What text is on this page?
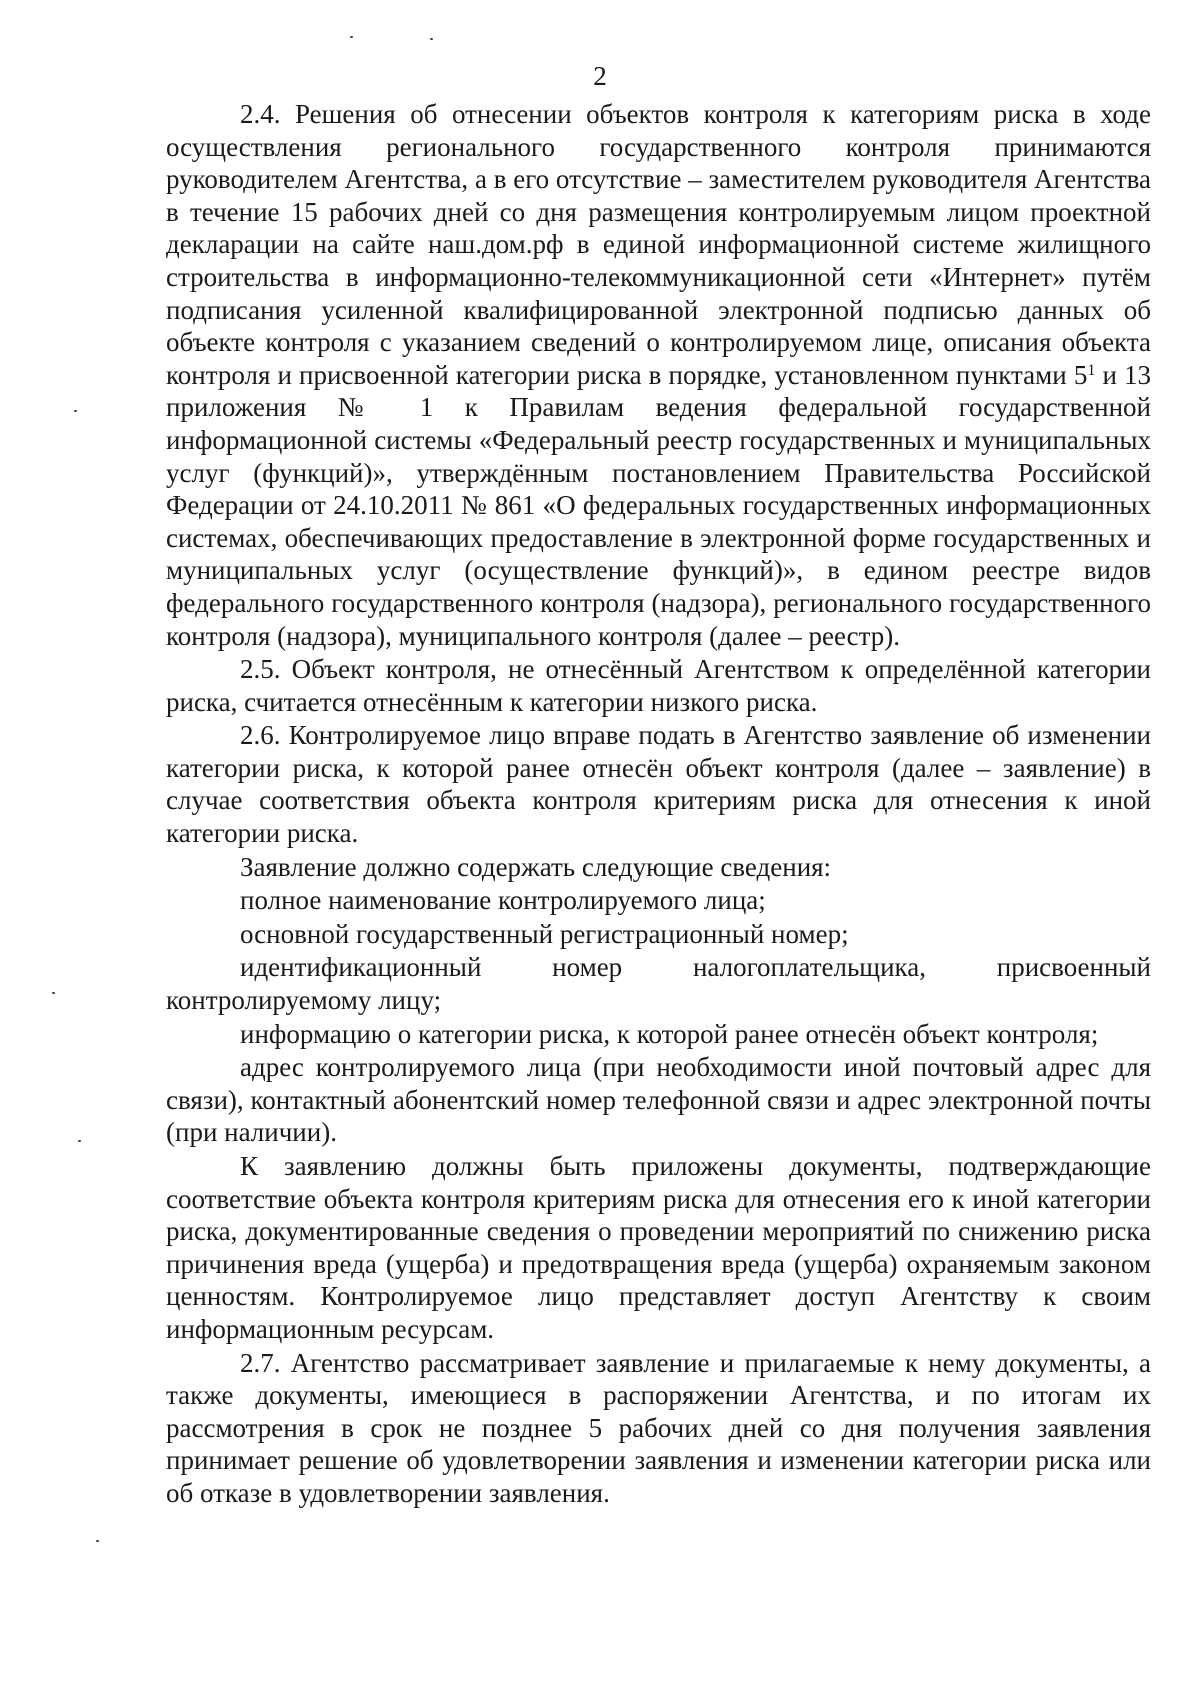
2

2.4. Решения об отнесении объектов контроля к категориям риска в ходе осуществления регионального государственного контроля принимаются руководителем Агентства, а в его отсутствие – заместителем руководителя Агентства в течение 15 рабочих дней со дня размещения контролируемым лицом проектной декларации на сайте наш.дом.рф в единой информационной системе жилищного строительства в информационно-телекоммуникационной сети «Интернет» путём подписания усиленной квалифицированной электронной подписью данных об объекте контроля с указанием сведений о контролируемом лице, описания объекта контроля и присвоенной категории риска в порядке, установленном пунктами $5^1$ и 13 приложения № 1 к Правилам ведения федеральной государственной информационной системы «Федеральный реестр государственных и муниципальных услуг (функций)», утверждённым постановлением Правительства Российской Федерации от 24.10.2011 № 861 «О федеральных государственных информационных системах, обеспечивающих предоставление в электронной форме государственных и муниципальных услуг (осуществление функций)», в едином реестре видов федерального государственного контроля (надзора), регионального государственного контроля (надзора), муниципального контроля (далее – реестр).

2.5. Объект контроля, не отнесённый Агентством к определённой категории риска, считается отнесённым к категории низкого риска.

2.6. Контролируемое лицо вправе подать в Агентство заявление об изменении категории риска, к которой ранее отнесён объект контроля (далее – заявление) в случае соответствия объекта контроля критериям риска для отнесения к иной категории риска.

Заявление должно содержать следующие сведения:

полное наименование контролируемого лица;

основной государственный регистрационный номер;

идентификационный номер налогоплательщика, присвоенный контролируемому лицу;

информацию о категории риска, к которой ранее отнесён объект контроля;

адрес контролируемого лица (при необходимости иной почтовый адрес для связи), контактный абонентский номер телефонной связи и адрес электронной почты (при наличии).

К заявлению должны быть приложены документы, подтверждающие соответствие объекта контроля критериям риска для отнесения его к иной категории риска, документированные сведения о проведении мероприятий по снижению риска причинения вреда (ущерба) и предотвращения вреда (ущерба) охраняемым законом ценностям. Контролируемое лицо представляет доступ Агентству к своим информационным ресурсам.

2.7. Агентство рассматривает заявление и прилагаемые к нему документы, а также документы, имеющиеся в распоряжении Агентства, и по итогам их рассмотрения в срок не позднее 5 рабочих дней со дня получения заявления принимает решение об удовлетворении заявления и изменении категории риска или об отказе в удовлетворении заявления.
